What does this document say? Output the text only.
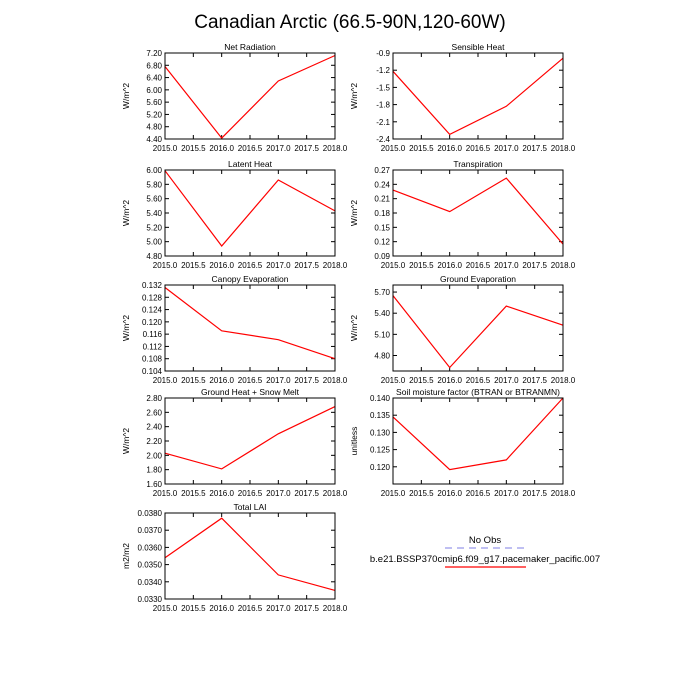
Canadian Arctic (66.5-90N,120-60W)
Net Radiation
W/m^2
4.40
4.80
5.20
5.60
6.00
6.40
6.80
7.20
2015.0 2015.5 2016.0 2016.5 2017.0 2017.5 2018.0
Sensible Heat
W/m^2
-2.4
-2.1
-1.8
-1.5
-1.2
-0.9
2015.0 2015.5 2016.0 2016.5 2017.0 2017.5 2018.0
Latent Heat
W/m^2
4.80
5.00
5.20
5.40
5.60
5.80
6.00
2015.0 2015.5 2016.0 2016.5 2017.0 2017.5 2018.0
Transpiration
W/m^2
0.09
0.12
0.15
0.18
0.21
0.24
0.27
2015.0 2015.5 2016.0 2016.5 2017.0 2017.5 2018.0
Canopy Evaporation
W/m^2
0.104
0.108
0.112
0.116
0.120
0.124
0.128
0.132
2015.0 2015.5 2016.0 2016.5 2017.0 2017.5 2018.0
Ground Evaporation
W/m^2
4.80
5.10
5.40
5.70
2015.0 2015.5 2016.0 2016.5 2017.0 2017.5 2018.0
Ground Heat + Snow Melt
W/m^2
1.60
1.80
2.00
2.20
2.40
2.60
2.80
2015.0 2015.5 2016.0 2016.5 2017.0 2017.5 2018.0
Soil moisture factor (BTRAN or BTRANMN)
unitless
0.120
0.125
0.130
0.135
0.140
2015.0 2015.5 2016.0 2016.5 2017.0 2017.5 2018.0
Total LAI
m2/m2
0.0330
0.0340
0.0350
0.0360
0.0370
0.0380
2015.0 2015.5 2016.0 2016.5 2017.0 2017.5 2018.0
No Obs
b.e21.BSSP370cmip6.f09_g17.pacemaker_pacific.007
